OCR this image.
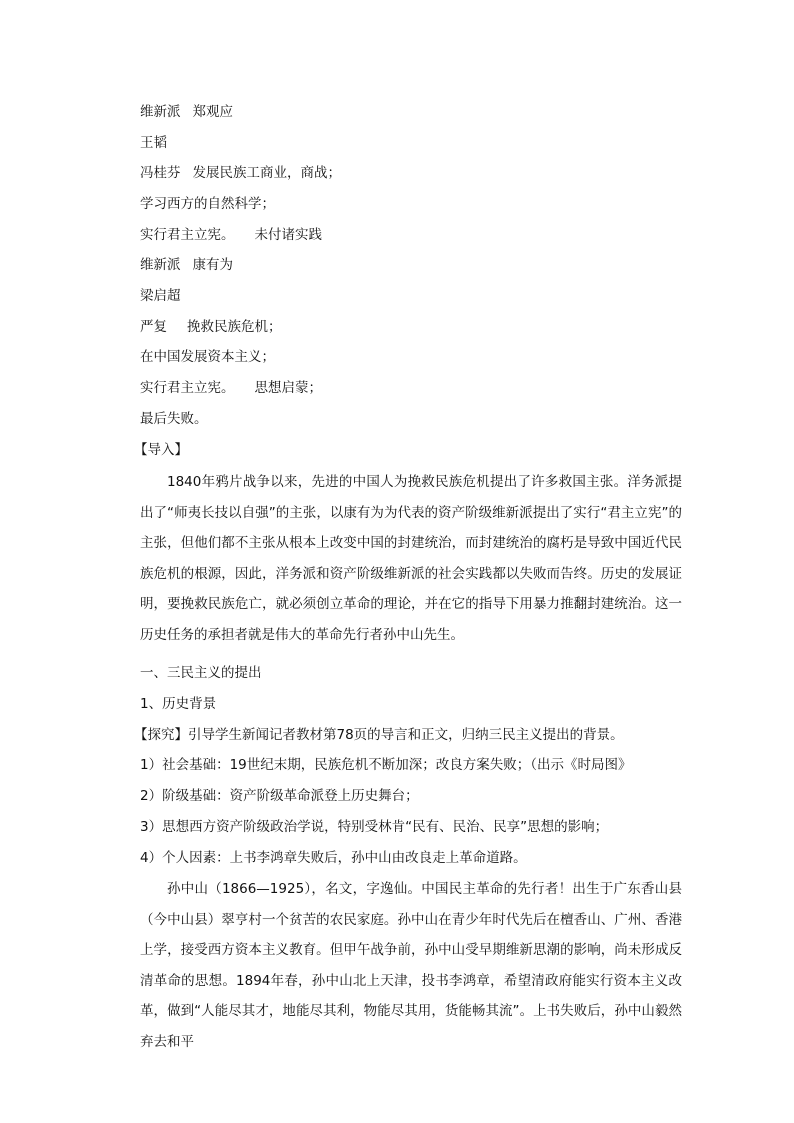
维新派 郑观应
王韬
冯桂芬 发展民族工商业，商战；
学习西方的自然科学；
实行君主立宪。 未付诸实践
维新派 康有为
梁启超
严复 挽救民族危机；
在中国发展资本主义；
实行君主立宪。 思想启蒙；
最后失败。
【导入】
1840年鸦片战争以来，先进的中国人为挽救民族危机提出了许多救国主张。洋务派提出了“师夷长技以自强”的主张，以康有为为代表的资产阶级维新派提出了实行“君主立宪”的主张，但他们都不主张从根本上改变中国的封建统治，而封建统治的腐朽是导致中国近代民族危机的根源，因此，洋务派和资产阶级维新派的社会实践都以失败而告终。历史的发展证明，要挽救民族危亡，就必须创立革命的理论，并在它的指导下用暴力推翻封建统治。这一历史任务的承担者就是伟大的革命先行者孙中山先生。
一、三民主义的提出
1、历史背景
【探究】引导学生新闻记者教材第78页的导言和正文，归纳三民主义提出的背景。
1）社会基础：19世纪末期，民族危机不断加深；改良方案失败；（出示《时局图》
2）阶级基础：资产阶级革命派登上历史舞台；
3）思想西方资产阶级政治学说，特别受林肯“民有、民治、民享”思想的影响；
4）个人因素：上书李鸿章失败后，孙中山由改良走上革命道路。
孙中山（1866—1925），名文，字逸仙。中国民主革命的先行者！出生于广东香山县（今中山县）翠亨村一个贫苦的农民家庭。孙中山在青少年时代先后在檀香山、广州、香港上学，接受西方资本主义教育。但甲午战争前，孙中山受早期维新思潮的影响，尚未形成反清革命的思想。1894年春，孙中山北上天津，投书李鸿章，希望清政府能实行资本主义改革，做到“人能尽其才，地能尽其利，物能尽其用，货能畅其流”。上书失败后，孙中山毅然弃去和平
